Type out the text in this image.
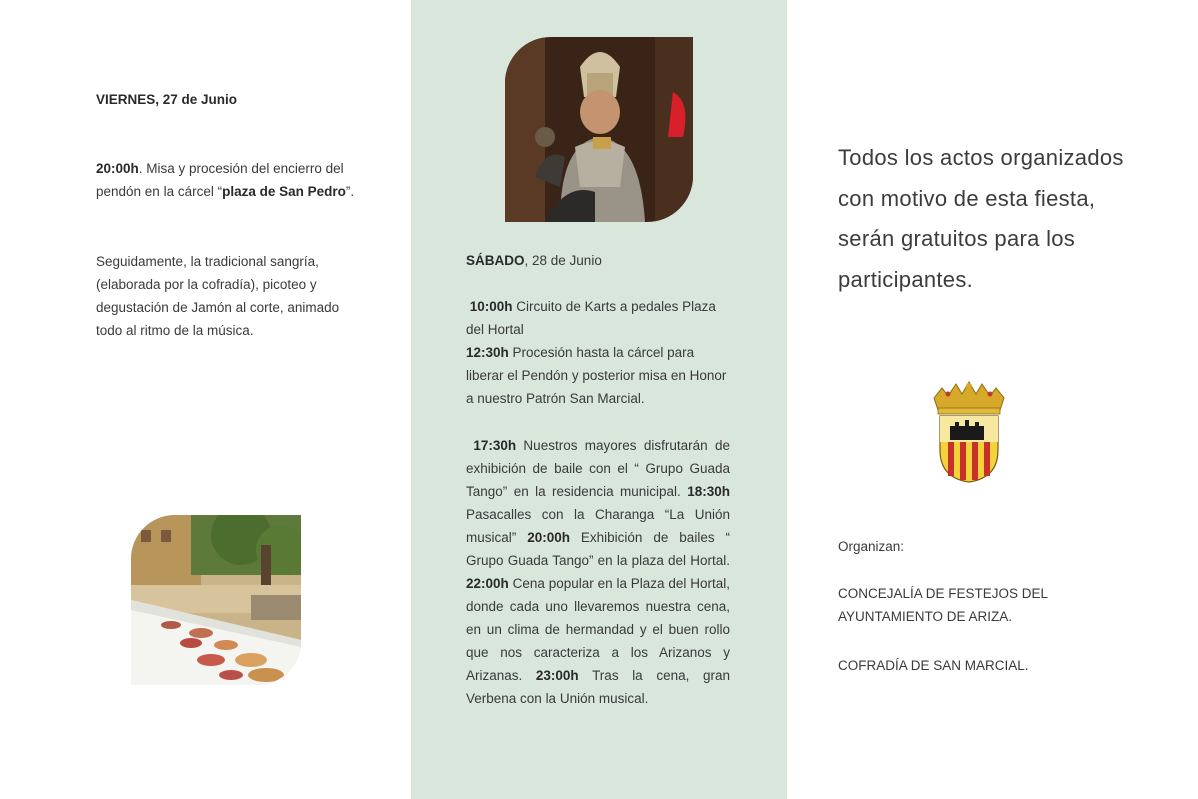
VIERNES, 27 de Junio
20:00h. Misa y procesión del encierro del pendón en la cárcel “plaza de San Pedro”.
Seguidamente, la tradicional sangría, (elaborada por la cofradía), picoteo y degustación de Jamón al corte, animado todo al ritmo de la música.
SÁBADO, 28 de Junio
10:00h Circuito de Karts a pedales Plaza del Hortal
12:30h Procesión hasta la cárcel para liberar el Pendón y posterior misa en Honor a nuestro Patrón San Marcial.
17:30h Nuestros mayores disfrutarán de exhibición de baile con el “ Grupo Guada Tango” en la residencia municipal. 18:30h Pasacalles con la Charanga “La Unión musical” 20:00h Exhibición de bailes “ Grupo Guada Tango” en la plaza del Hortal. 22:00h Cena popular en la Plaza del Hortal, donde cada uno llevaremos nuestra cena, en un clima de hermandad y el buen rollo que nos caracteriza a los Arizanos y Arizanas. 23:00h Tras la cena, gran Verbena con la Unión musical.
Todos los actos organizados con motivo de esta fiesta, serán gratuitos para los participantes.
Organizan:
CONCEJALÍA DE FESTEJOS DEL AYUNTAMIENTO DE ARIZA.
COFRADÍA DE SAN MARCIAL.
